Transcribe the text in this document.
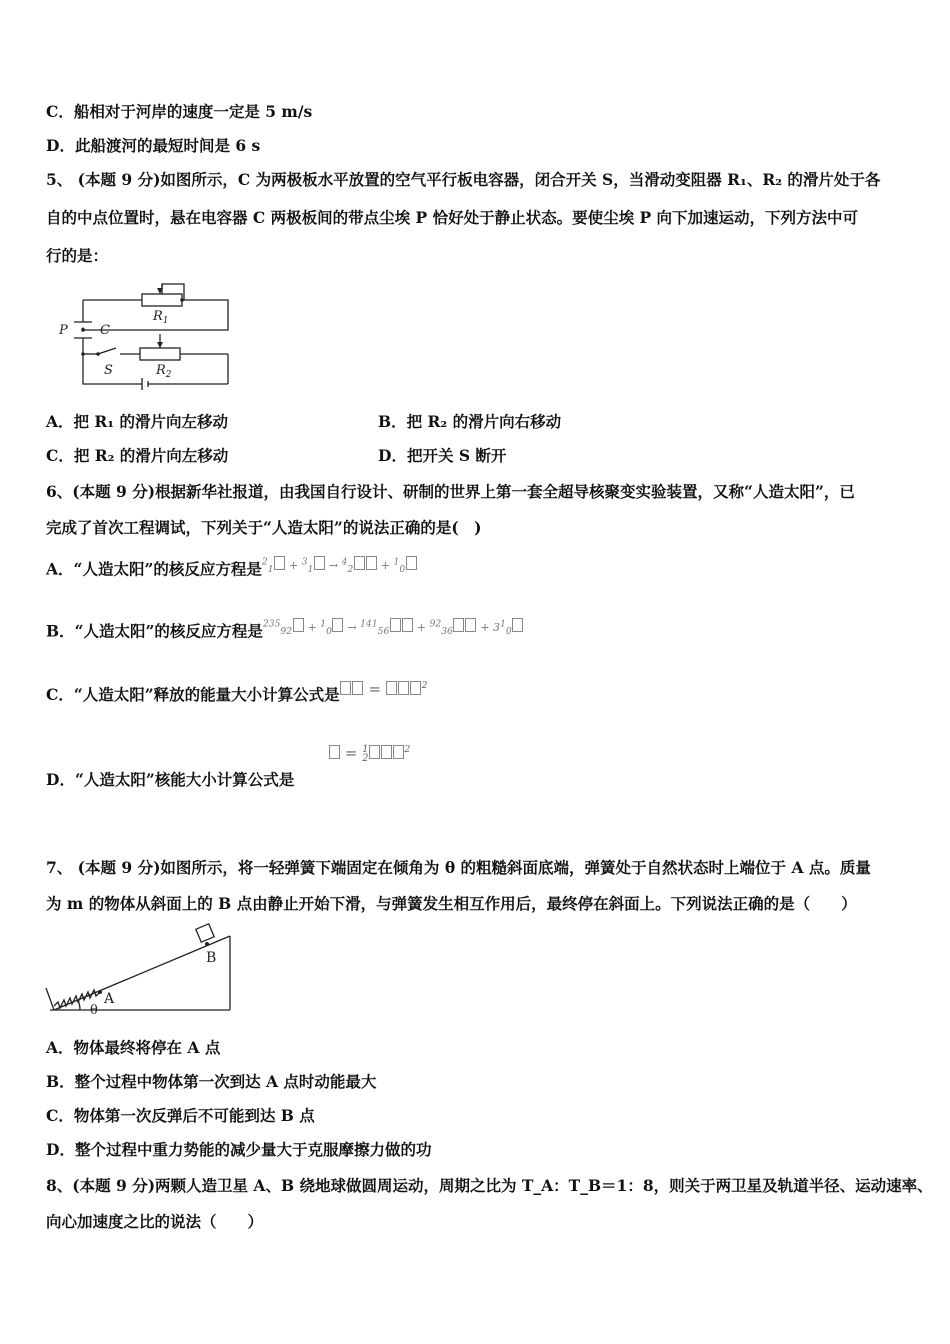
C．船相对于河岸的速度一定是 5 m/s
D．此船渡河的最短时间是 6 s
5、 (本题 9 分)如图所示，C 为两极板水平放置的空气平行板电容器，闭合开关 S，当滑动变阻器 R₁、R₂ 的滑片处于各
自的中点位置时，悬在电容器 C 两极板间的带点尘埃 P 恰好处于静止状态。要使尘埃 P 向下加速运动，下列方法中可
行的是：
P C
$R_1$
S	$R_2$
A．把 R₁ 的滑片向左移动	B．把 R₂ 的滑片向右移动
C．把 R₂ 的滑片向左移动	D．把开关 S 断开
6、(本题 9 分)根据新华社报道，由我国自行设计、研制的世界上第一套全超导核聚变实验装置，又称“人造太阳”，已
完成了首次工程调试，下列关于“人造太阳”的说法正确的是(　)
A．“人造太阳”的核反应方程是$^{^2_1 + ^3_1 \to ^4_2 + ^1_0}$
B．“人造太阳”的核反应方程是$^{^{235}_{92} + ^1_0 \to ^{141}_{56} + ^{92}_{36} + 3^1_0}$
C．“人造太阳”释放的能量大小计算公式是 =	$^2$
= 1
$2^2$
D．“人造太阳”核能大小计算公式是
7、 (本题 9 分)如图所示，将一轻弹簧下端固定在倾角为 θ 的粗糙斜面底端，弹簧处于自然状态时上端位于 A 点。质量
为 m 的物体从斜面上的 B 点由静止开始下滑，与弹簧发生相互作用后，最终停在斜面上。下列说法正确的是（　　）
A
B
θ
A．物体最终将停在 A 点
B．整个过程中物体第一次到达 A 点时动能最大
C．物体第一次反弹后不可能到达 B 点
D．整个过程中重力势能的减少量大于克服摩擦力做的功
8、(本题 9 分)两颗人造卫星 A、B 绕地球做圆周运动，周期之比为 T_A：T_B＝1：8，则关于两卫星及轨道半径、运动速率、
向心加速度之比的说法（　　）
